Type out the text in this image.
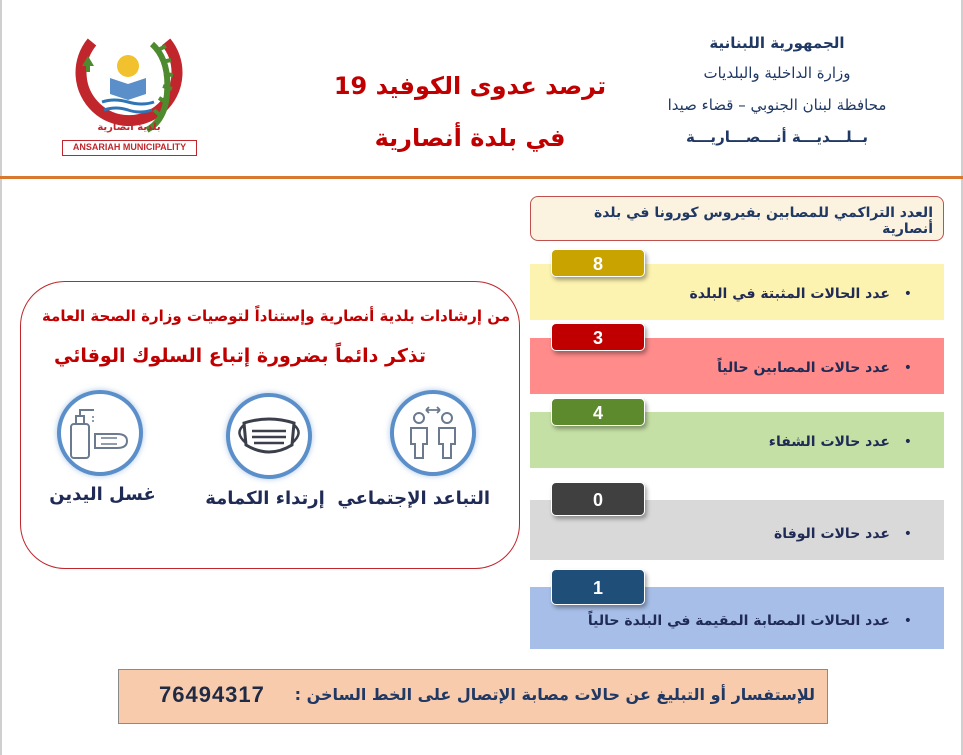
بلدية أنصارية
ANSARIAH MUNICIPALITY
ترصد عدوى الكوفيد 19
في بلدة أنصارية
الجمهورية اللبنانية
وزارة الداخلية والبلديات
محافظة لبنان الجنوبي – قضاء صيدا
بــلـــديـــة أنـــصـــاريـــة
العدد التراكمي للمصابين بفيروس كورونا في بلدة أنصارية
•
عدد الحالات المثبتة في البلدة
8
•
عدد حالات المصابين حالياً
3
•
عدد حالات الشفاء
4
•
عدد حالات الوفاة
0
•
عدد الحالات المصابة المقيمة في البلدة حالياً
1
من إرشادات بلدية أنصارية وإستناداً لتوصيات وزارة الصحة العامة
تذكر دائماً بضرورة إتباع السلوك الوقائي
التباعد الإجتماعي
إرتداء الكمامة
غسل اليدين
للإستفسار أو التبليغ عن حالات مصابة الإتصال على الخط الساخن :
76494317
